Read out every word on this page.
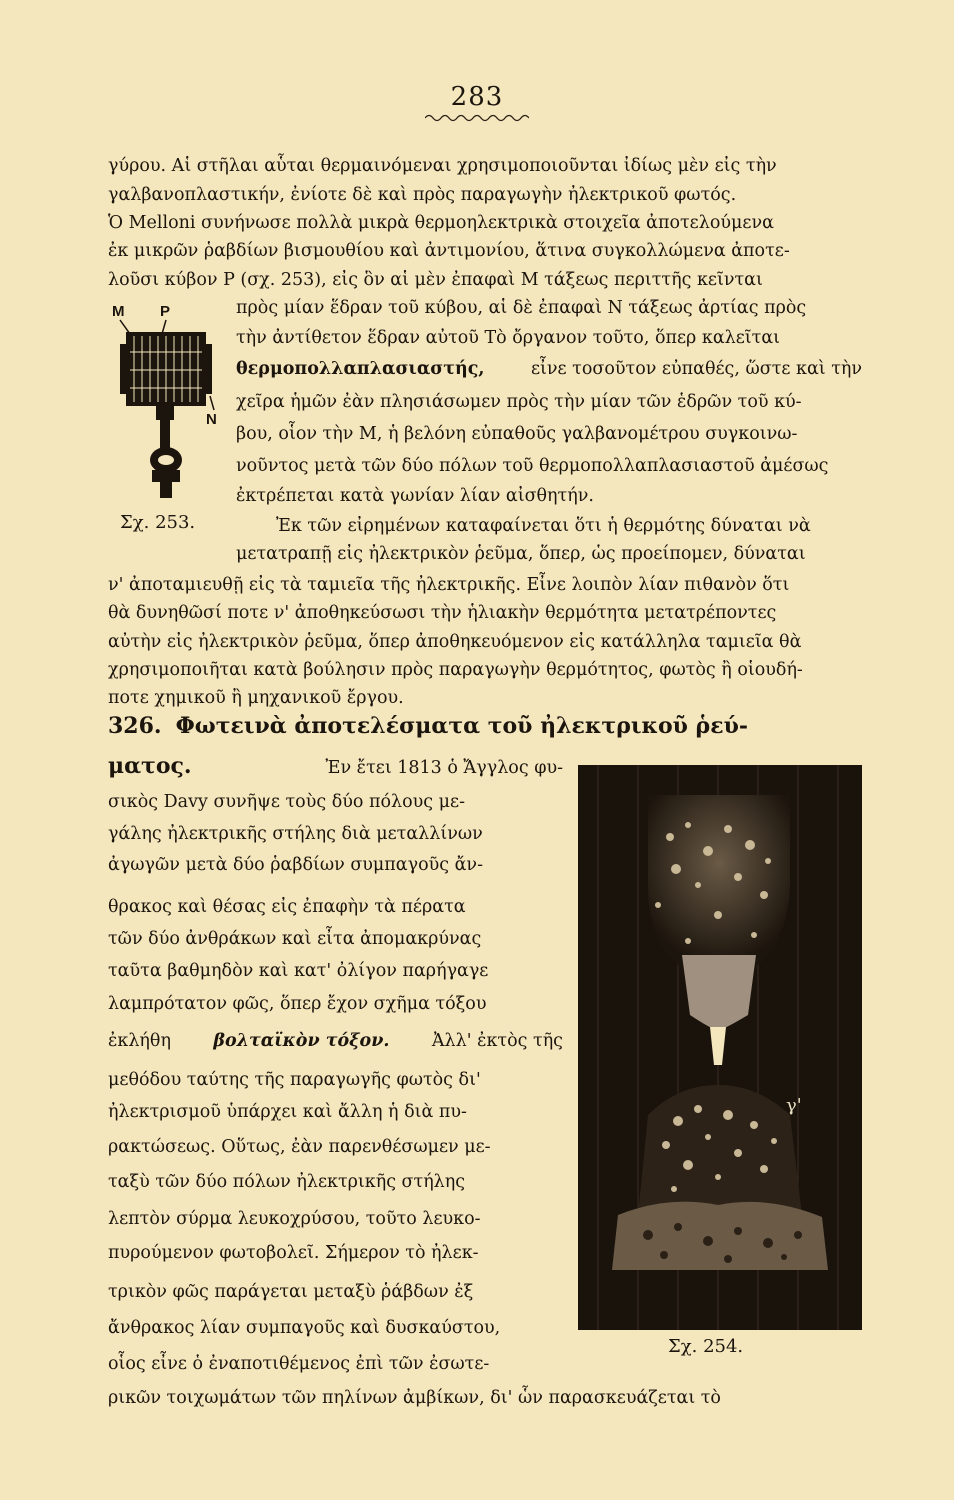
283
γύρου. Αἱ στῆλαι αὗται θερμαινόμεναι χρησιμοποιοῦνται ἰδίως μὲν εἰς τὴν
γαλβανοπλαστικήν, ἐνίοτε δὲ καὶ πρὸς παραγωγὴν ἠλεκτρικοῦ φωτός.
Ὁ Melloni συνήνωσε πολλὰ μικρὰ θερμοηλεκτρικὰ στοιχεῖα ἀποτελούμενα
ἐκ μικρῶν ῥαβδίων βισμουθίου καὶ ἀντιμονίου, ἅτινα συγκολλώμενα ἀποτε-
λοῦσι κύβον P (σχ. 253), εἰς ὃν αἱ μὲν ἐπαφαὶ M τάξεως περιττῆς κεῖνται
M P
N
πρὸς μίαν ἕδραν τοῦ κύβου, αἱ δὲ ἐπαφαὶ N τάξεως ἀρτίας πρὸς
τὴν ἀντίθετον ἕδραν αὐτοῦ Τὸ ὄργανον τοῦτο, ὅπερ καλεῖται
θερμοπολλαπλασιαστής,	εἶνε τοσοῦτον εὐπαθές, ὥστε καὶ τὴν
χεῖρα ἡμῶν ἐὰν πλησιάσωμεν πρὸς τὴν μίαν τῶν ἑδρῶν τοῦ κύ-
βου, οἷον τὴν M, ἡ βελόνη εὐπαθοῦς γαλβανομέτρου συγκοινω-
νοῦντος μετὰ τῶν δύο πόλων τοῦ θερμοπολλαπλασιαστοῦ ἀμέσως
ἐκτρέπεται κατὰ γωνίαν λίαν αἰσθητήν.
Σχ. 253.	Ἐκ τῶν εἰρημένων καταφαίνεται ὅτι ἡ θερμότης δύναται νὰ
μετατραπῇ εἰς ἠλεκτρικὸν ῥεῦμα, ὅπερ, ὡς προείπομεν, δύναται
ν' ἀποταμιευθῇ εἰς τὰ ταμιεῖα τῆς ἠλεκτρικῆς. Εἶνε λοιπὸν λίαν πιθανὸν ὅτι
θὰ δυνηθῶσί ποτε ν' ἀποθηκεύσωσι τὴν ἡλιακὴν θερμότητα μετατρέποντες
αὐτὴν εἰς ἠλεκτρικὸν ῥεῦμα, ὅπερ ἀποθηκευόμενον εἰς κατάλληλα ταμιεῖα θὰ
χρησιμοποιῆται κατὰ βούλησιν πρὸς παραγωγὴν θερμότητος, φωτὸς ἢ οἱουδή-
ποτε χημικοῦ ἢ μηχανικοῦ ἔργου.
326. Φωτεινὰ ἀποτελέσματα τοῦ ἠλεκτρικοῦ ῥεύ-
ματος.	Ἐν ἔτει 1813 ὁ Ἄγγλος φυ-
γ'
Σχ. 254.
σικὸς Davy συνῆψε τοὺς δύο πόλους με-
γάλης ἠλεκτρικῆς στήλης διὰ μεταλλίνων
ἀγωγῶν μετὰ δύο ῥαβδίων συμπαγοῦς ἄν-
θρακος καὶ θέσας εἰς ἐπαφὴν τὰ πέρατα
τῶν δύο ἀνθράκων καὶ εἶτα ἀπομακρύνας
ταῦτα βαθμηδὸν καὶ κατ' ὀλίγον παρήγαγε
λαμπρότατον φῶς, ὅπερ ἔχον σχῆμα τόξου
ἐκλήθη βολταϊκὸν τόξον. Ἀλλ' ἐκτὸς τῆς
μεθόδου ταύτης τῆς παραγωγῆς φωτὸς δι'
ἠλεκτρισμοῦ ὑπάρχει καὶ ἄλλη ἡ διὰ πυ-
ρακτώσεως. Οὕτως, ἐὰν παρενθέσωμεν με-
ταξὺ τῶν δύο πόλων ἠλεκτρικῆς στήλης
λεπτὸν σύρμα λευκοχρύσου, τοῦτο λευκο-
πυρούμενον φωτοβολεῖ. Σήμερον τὸ ἠλεκ-
τρικὸν φῶς παράγεται μεταξὺ ῥάβδων ἐξ
ἄνθρακος λίαν συμπαγοῦς καὶ δυσκαύστου,
οἷος εἶνε ὁ ἐναποτιθέμενος ἐπὶ τῶν ἐσωτε-
ρικῶν τοιχωμάτων τῶν πηλίνων ἀμβίκων, δι' ὧν παρασκευάζεται τὸ
